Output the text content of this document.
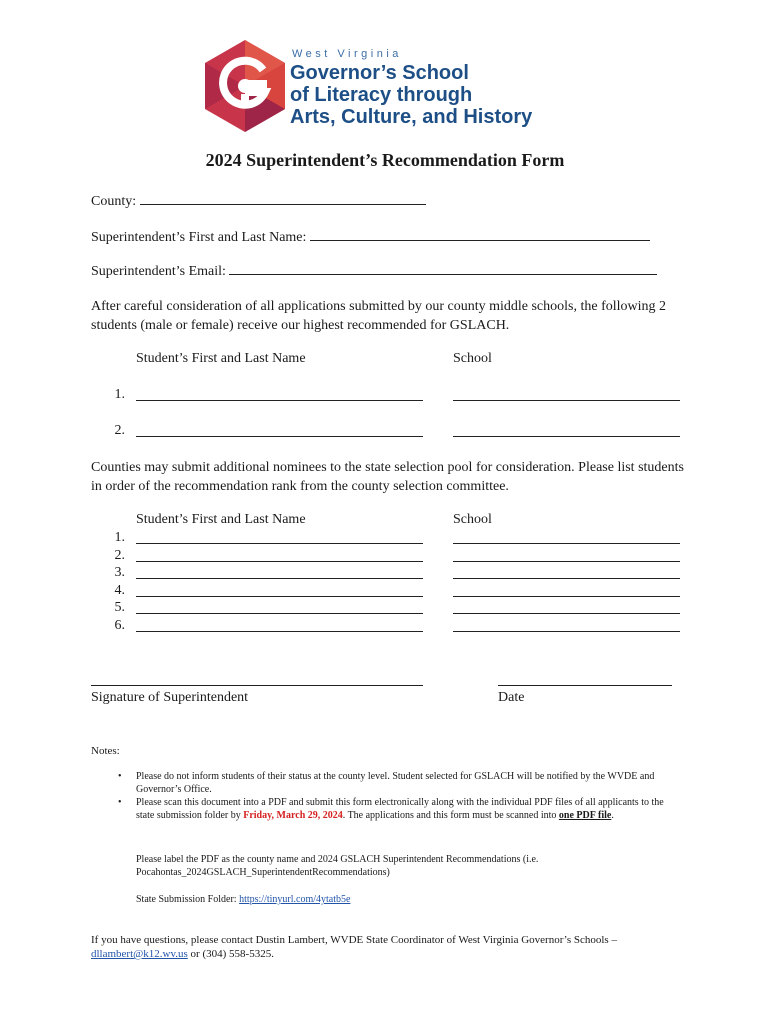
West Virginia
Governor’s School
of Literacy through
Arts, Culture, and History
2024 Superintendent’s Recommendation Form
County:
Superintendent’s First and Last Name:
Superintendent’s Email:
After careful consideration of all applications submitted by our county middle schools, the following 2 students (male or female) receive our highest recommended for GSLACH.
Student’s First and Last Name	School
1.
2.
Counties may submit additional nominees to the state selection pool for consideration. Please list students in order of the recommendation rank from the county selection committee.
Student’s First and Last Name	School
1.
2.
3.
4.
5.
6.
Signature of Superintendent	Date
Notes:
• Please do not inform students of their status at the county level. Student selected for GSLACH will be notified by the WVDE and Governor’s Office.
• Please scan this document into a PDF and submit this form electronically along with the individual PDF files of all applicants to the state submission folder by Friday, March 29, 2024. The applications and this form must be scanned into one PDF file.
Please label the PDF as the county name and 2024 GSLACH Superintendent Recommendations (i.e. Pocahontas_2024GSLACH_SuperintendentRecommendations)
State Submission Folder: https://tinyurl.com/4ytatb5e
If you have questions, please contact Dustin Lambert, WVDE State Coordinator of West Virginia Governor’s Schools –
dllambert@k12.wv.us or (304) 558-5325.
